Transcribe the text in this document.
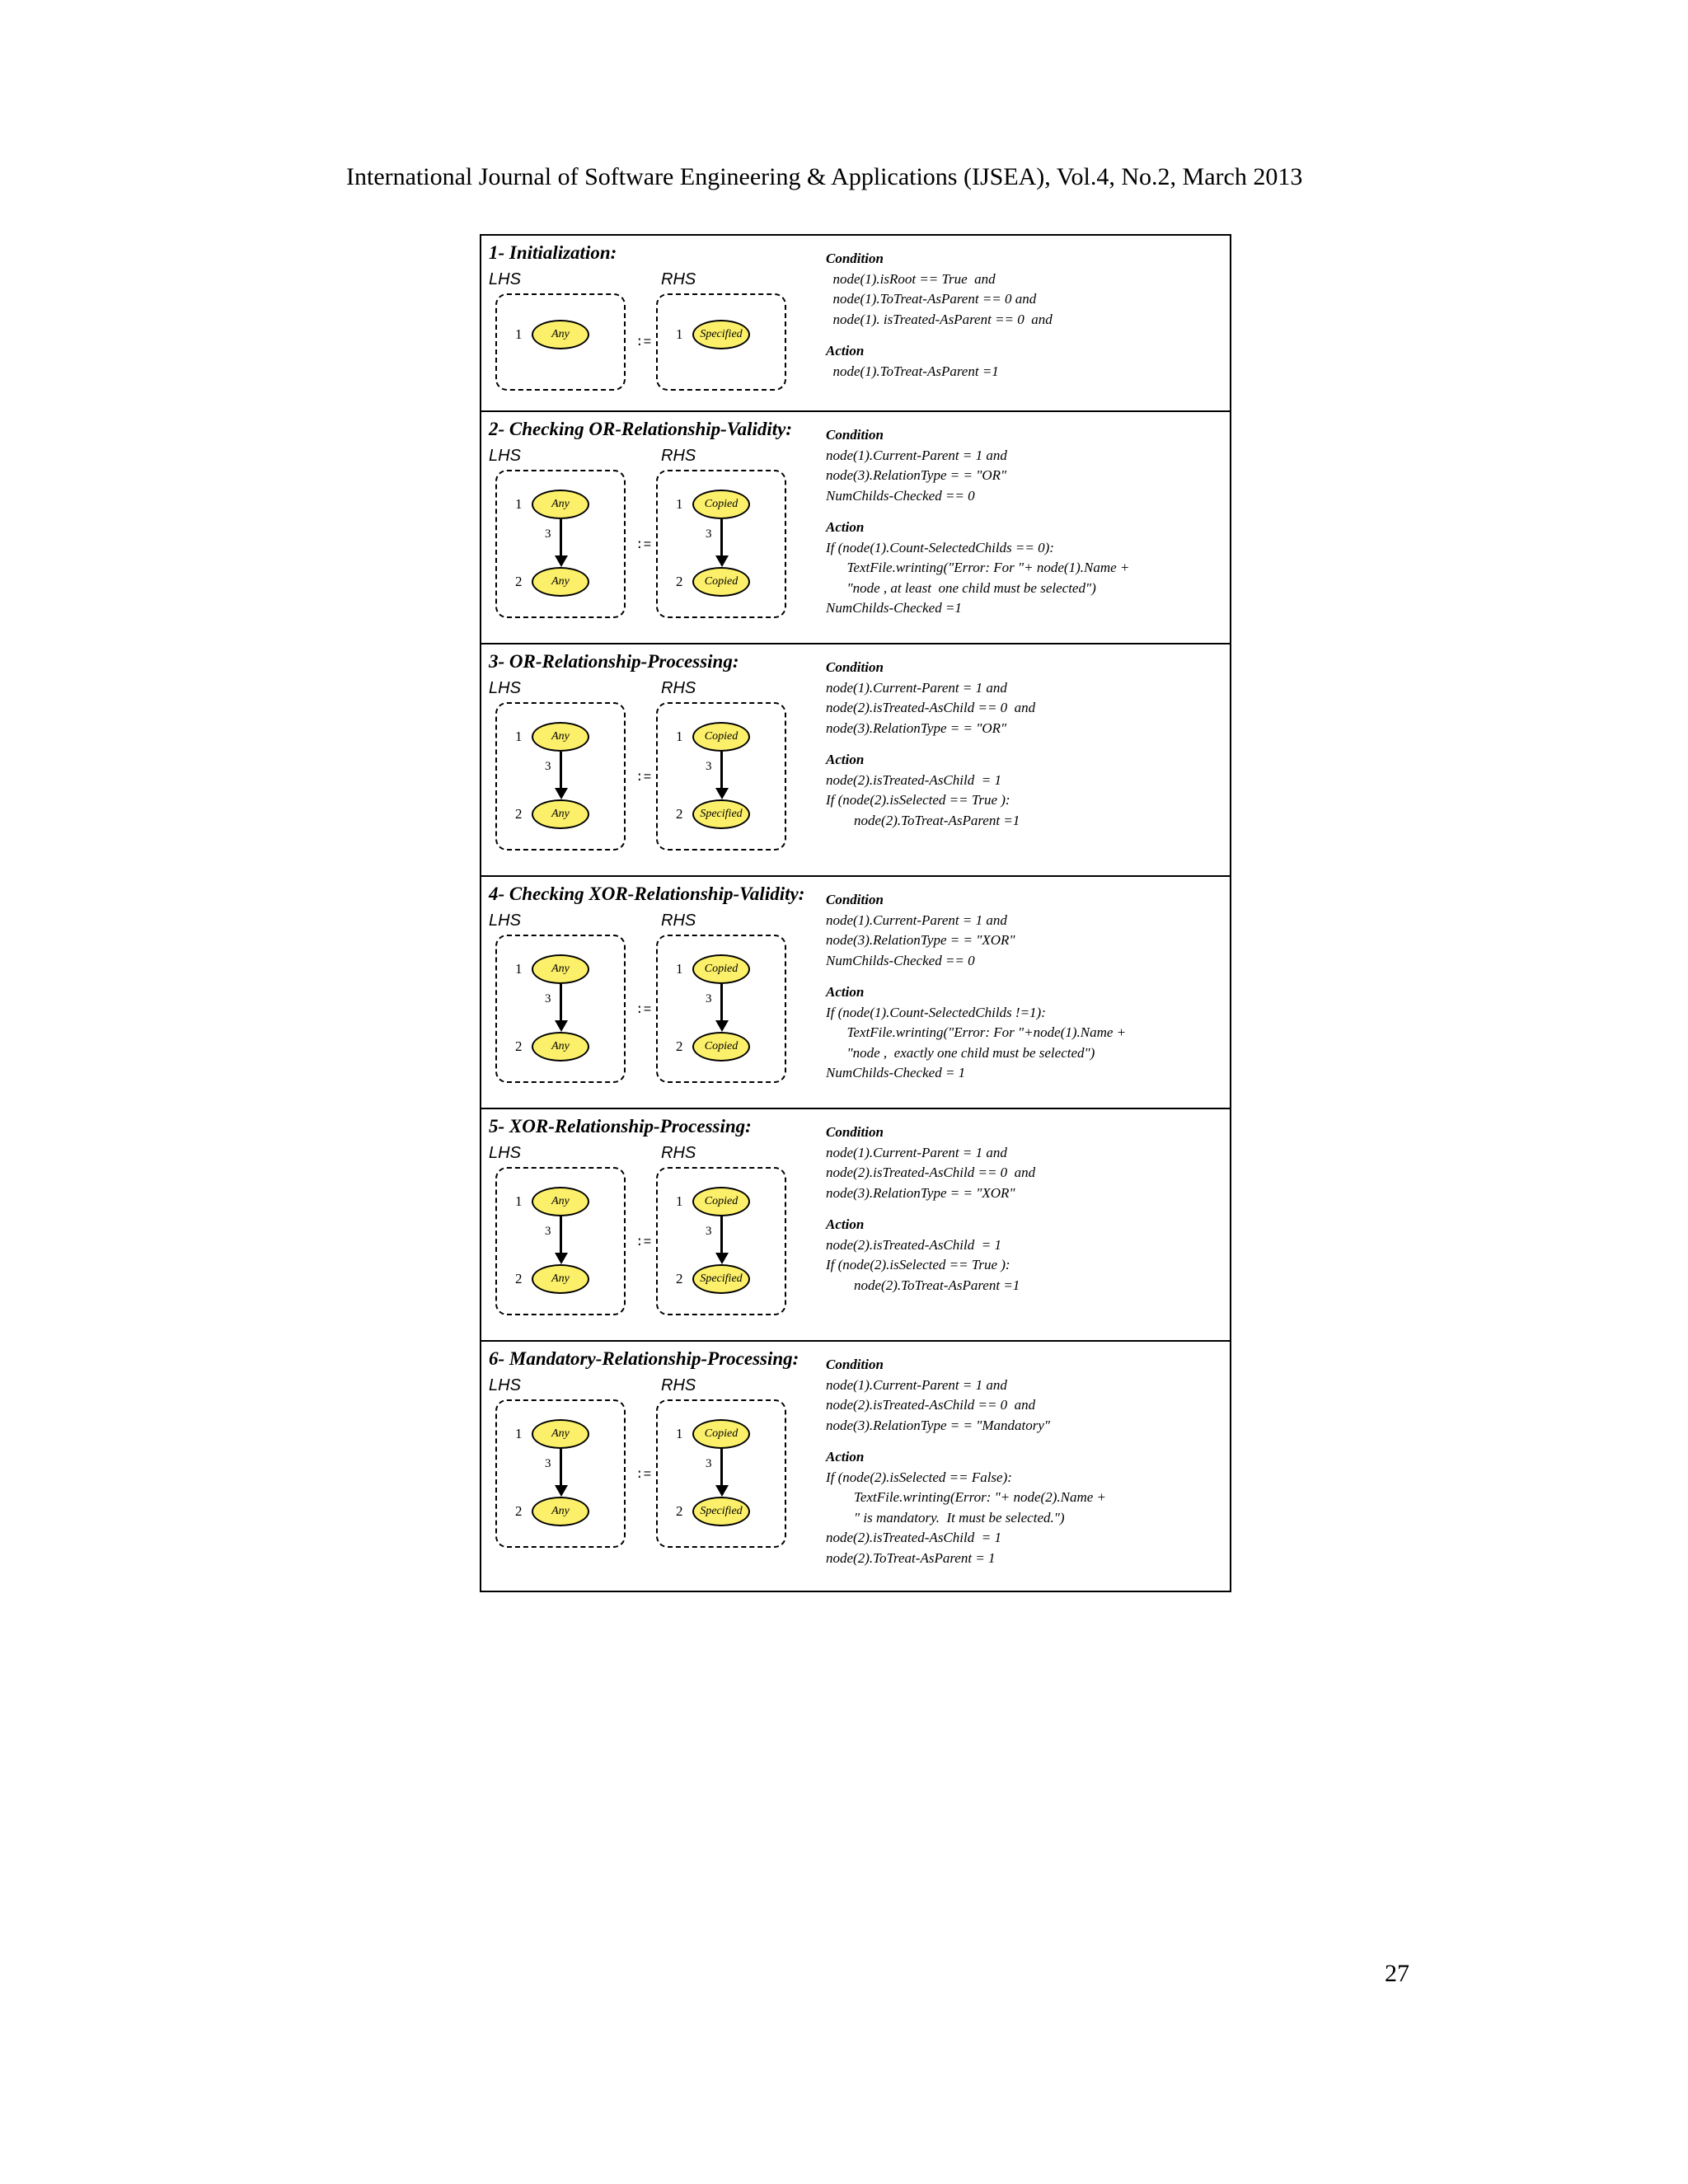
International Journal of Software Engineering & Applications (IJSEA), Vol.4, No.2, March 2013
1- Initialization:
LHS	RHS
1	Any	1	Specified
:=
Condition
node(1).isRoot == True  and
node(1).ToTreat-AsParent == 0 and
node(1). isTreated-AsParent == 0  and
Action
node(1).ToTreat-AsParent =1
2- Checking OR-Relationship-Validity:
LHS	RHS
1	Any
3
2	Any
1	Copied
3
2	Copied
:=
Condition
node(1).Current-Parent = 1 and
node(3).RelationType = = "OR"
NumChilds-Checked == 0
Action
If (node(1).Count-SelectedChilds == 0):
TextFile.wrinting("Error: For "+ node(1).Name +
"node , at least  one child must be selected")
NumChilds-Checked =1
3- OR-Relationship-Processing:
LHS	RHS
1	Any
3
2	Any
1	Copied
3
2	Specified
:=
Condition
node(1).Current-Parent = 1 and
node(2).isTreated-AsChild == 0  and
node(3).RelationType = = "OR"
Action
node(2).isTreated-AsChild  = 1
If (node(2).isSelected == True ):
node(2).ToTreat-AsParent =1
4- Checking XOR-Relationship-Validity:
LHS	RHS
1	Any
3
2	Any
1	Copied
3
2	Copied
:=
Condition
node(1).Current-Parent = 1 and
node(3).RelationType = = "XOR"
NumChilds-Checked == 0
Action
If (node(1).Count-SelectedChilds !=1):
TextFile.wrinting("Error: For "+node(1).Name +
"node ,  exactly one child must be selected")
NumChilds-Checked = 1
5- XOR-Relationship-Processing:
LHS	RHS
1	Any
3
2	Any
1	Copied
3
2	Specified
:=
Condition
node(1).Current-Parent = 1 and
node(2).isTreated-AsChild == 0  and
node(3).RelationType = = "XOR"
Action
node(2).isTreated-AsChild  = 1
If (node(2).isSelected == True ):
node(2).ToTreat-AsParent =1
6- Mandatory-Relationship-Processing:
LHS	RHS
1	Any
3
2	Any
1	Copied
3
2	Specified
:=
Condition
node(1).Current-Parent = 1 and
node(2).isTreated-AsChild == 0  and
node(3).RelationType = = "Mandatory"
Action
If (node(2).isSelected == False):
TextFile.wrinting(Error: "+ node(2).Name +
" is mandatory.  It must be selected.")
node(2).isTreated-AsChild  = 1
node(2).ToTreat-AsParent = 1
27
